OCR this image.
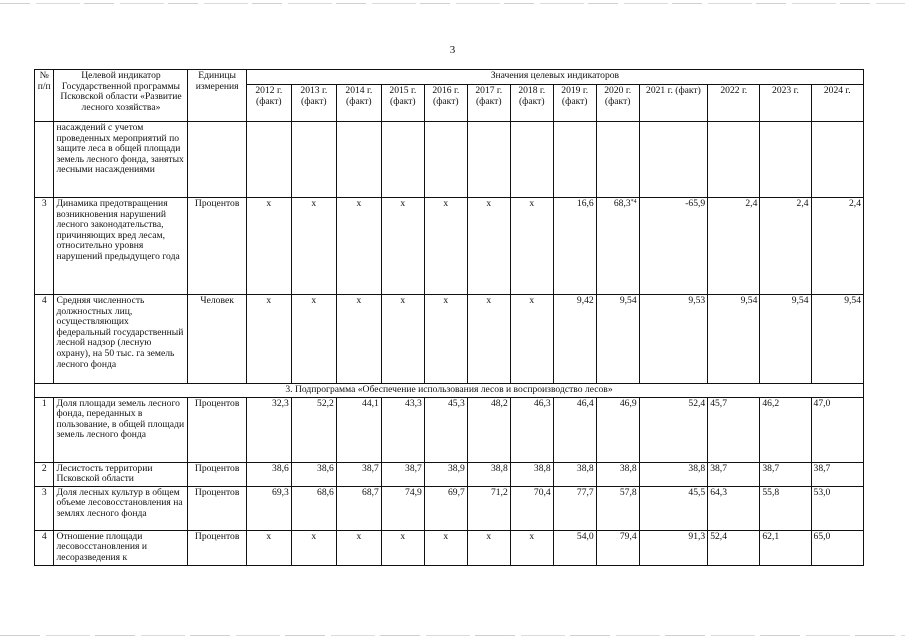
3
№ п/п	Целевой индикатор Государственной программы Псковской области «Развитие лесного хозяйства»	Единицы измерения	Значения целевых индикаторов												
			2012 г. (факт)	2013 г. (факт)	2014 г. (факт)	2015 г. (факт)	2016 г. (факт)	2017 г. (факт)	2018 г. (факт)	2019 г. (факт)	2020 г. (факт)	2021 г. (факт)	2022 г.	2023 г.	2024 г.
	насаждений с учетом проведенных мероприятий по защите леса в общей площади земель лесного фонда, занятых лесными насаждениями														
3	Динамика предотвращения возникновения нарушений лесного законодательства, причиняющих вред лесам, относительно уровня нарушений предыдущего года	Процентов	x	x	x	x	x	x	x	16,6	68,3$^{*4}$	-65,9	2,4	2,4	2,4
4	Средняя численность должностных лиц, осуществляющих федеральный государственный лесной надзор (лесную охрану), на 50 тыс. га земель лесного фонда	Человек	x	x	x	x	x	x	x	9,42	9,54	9,53	9,54	9,54	9,54
3. Подпрограмма «Обеспечение использования лесов и воспроизводство лесов»															
1	Доля площади земель лесного фонда, переданных в пользование, в общей площади земель лесного фонда	Процентов	32,3	52,2	44,1	43,3	45,3	48,2	46,3	46,4	46,9	52,4	45,7	46,2	47,0
2	Лесистость территории Псковской области	Процентов	38,6	38,6	38,7	38,7	38,9	38,8	38,8	38,8	38,8	38,8	38,7	38,7	38,7
3	Доля лесных культур в общем объеме лесовосстановления на землях лесного фонда	Процентов	69,3	68,6	68,7	74,9	69,7	71,2	70,4	77,7	57,8	45,5	64,3	55,8	53,0
4	Отношение площади лесовосстановления и лесоразведения к	Процентов	x	x	x	x	x	x	x	54,0	79,4	91,3	52,4	62,1	65,0
